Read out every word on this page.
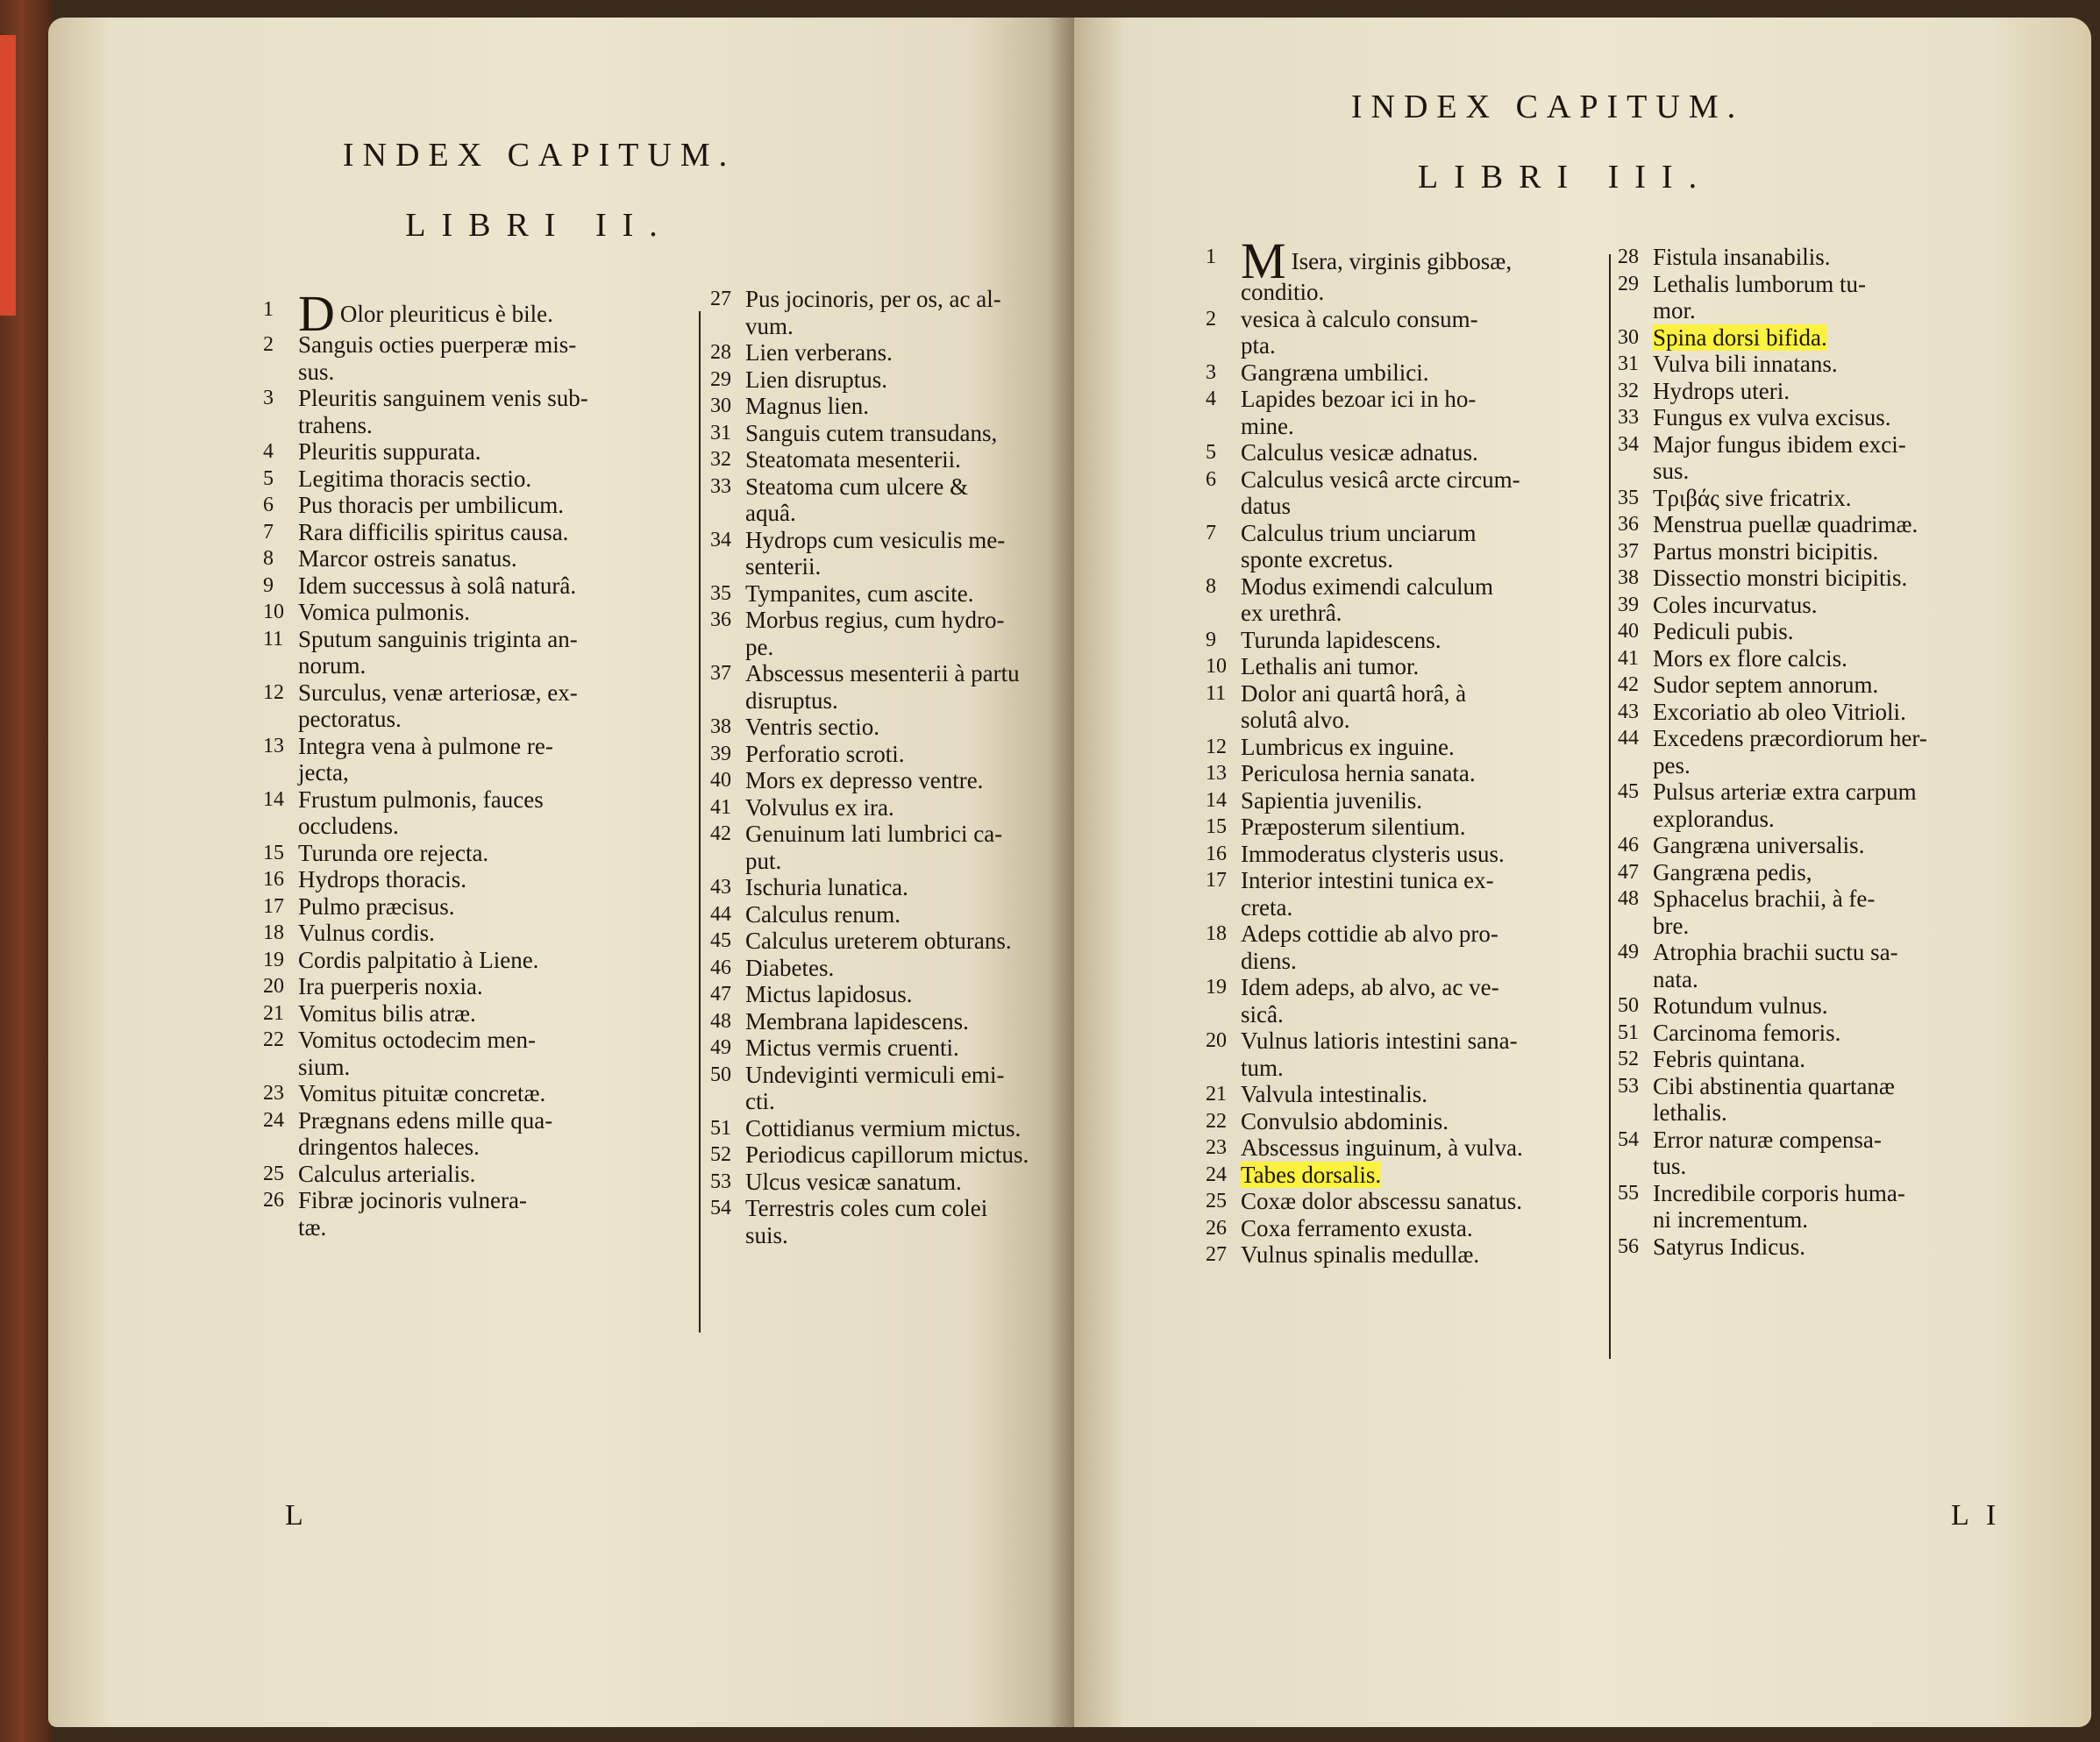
INDEX CAPITUM.
LIBRI II.
1 D Olor pleuriticus è bile.
2	Sanguis octies puerperæ mis-
sus.
3	Pleuritis sanguinem venis sub-
trahens.
4	Pleuritis suppurata.
5	Legitima thoracis sectio.
6	Pus thoracis per umbilicum.
7	Rara difficilis spiritus causa.
8	Marcor ostreis sanatus.
9	Idem successus à solâ naturâ.
10 Vomica pulmonis.
11 Sputum sanguinis triginta an-
norum.
12 Surculus, venæ arteriosæ, ex-
pectoratus.
13 Integra vena à pulmone re-
jecta,
14 Frustum pulmonis, fauces
occludens.
15 Turunda ore rejecta.
16 Hydrops thoracis.
17 Pulmo præcisus.
18 Vulnus cordis.
19 Cordis palpitatio à Liene.
20 Ira puerperis noxia.
21 Vomitus bilis atræ.
22 Vomitus octodecim men-
sium.
23 Vomitus pituitæ concretæ.
24 Prægnans edens mille qua-
dringentos haleces.
25 Calculus arterialis.
26 Fibræ jocinoris vulnera-
tæ.
27 Pus jocinoris, per os, ac al-
vum.
28 Lien verberans.
29 Lien disruptus.
30 Magnus lien.
31 Sanguis cutem transudans,
32 Steatomata mesenterii.
33 Steatoma cum ulcere &
aquâ.
34 Hydrops cum vesiculis me-
senterii.
35 Tympanites, cum ascite.
36 Morbus regius, cum hydro-
pe.
37 Abscessus mesenterii à partu
disruptus.
38 Ventris sectio.
39 Perforatio scroti.
40 Mors ex depresso ventre.
41 Volvulus ex ira.
42 Genuinum lati lumbrici ca-
put.
43 Ischuria lunatica.
44 Calculus renum.
45 Calculus ureterem obturans.
46 Diabetes.
47 Mictus lapidosus.
48 Membrana lapidescens.
49 Mictus vermis cruenti.
50 Undeviginti vermiculi emi-
cti.
51 Cottidianus vermium mictus.
52 Periodicus capillorum mictus.
53 Ulcus vesicæ sanatum.
54 Terrestris coles cum colei
suis.
L
INDEX CAPITUM.
LIBRI III.
1 M Isera, virginis gibbosæ,
conditio.
2	vesica à calculo consum-
pta.
3	Gangræna umbilici.
4	Lapides bezoar ici in ho-
mine.
5	Calculus vesicæ adnatus.
6	Calculus vesicâ arcte circum-
datus
7	Calculus trium unciarum
sponte excretus.
8	Modus eximendi calculum
ex urethrâ.
9	Turunda lapidescens.
10 Lethalis ani tumor.
11 Dolor ani quartâ horâ, à
solutâ alvo.
12 Lumbricus ex inguine.
13 Periculosa hernia sanata.
14 Sapientia juvenilis.
15 Præposterum silentium.
16 Immoderatus clysteris usus.
17 Interior intestini tunica ex-
creta.
18 Adeps cottidie ab alvo pro-
diens.
19 Idem adeps, ab alvo, ac ve-
sicâ.
20 Vulnus latioris intestini sana-
tum.
21 Valvula intestinalis.
22 Convulsio abdominis.
23 Abscessus inguinum, à vulva.
24 Tabes dorsalis.
25 Coxæ dolor abscessu sanatus.
26 Coxa ferramento exusta.
27 Vulnus spinalis medullæ.
28 Fistula insanabilis.
29 Lethalis lumborum tu-
mor.
30 Spina dorsi bifida.
31 Vulva bili innatans.
32 Hydrops uteri.
33 Fungus ex vulva excisus.
34 Major fungus ibidem exci-
sus.
35 Τριβάς sive fricatrix.
36 Menstrua puellæ quadrimæ.
37 Partus monstri bicipitis.
38 Dissectio monstri bicipitis.
39 Coles incurvatus.
40 Pediculi pubis.
41 Mors ex flore calcis.
42 Sudor septem annorum.
43 Excoriatio ab oleo Vitrioli.
44 Excedens præcordiorum her-
pes.
45 Pulsus arteriæ extra carpum
explorandus.
46 Gangræna universalis.
47 Gangræna pedis,
48 Sphacelus brachii, à fe-
bre.
49 Atrophia brachii suctu sa-
nata.
50 Rotundum vulnus.
51 Carcinoma femoris.
52 Febris quintana.
53 Cibi abstinentia quartanæ
lethalis.
54 Error naturæ compensa-
tus.
55 Incredibile corporis huma-
ni incrementum.
56 Satyrus Indicus.
L I
